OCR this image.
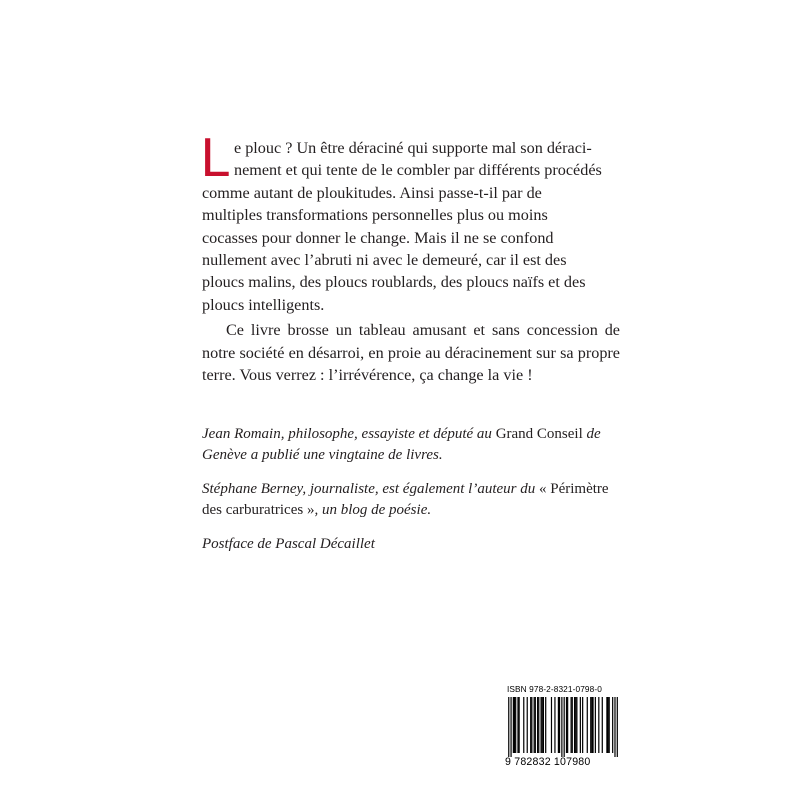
L e plouc ? Un être déraciné qui supporte mal son déraci-
nement et qui tente de le combler par différents procédés
comme autant de ploukitudes. Ainsi passe-t-il par de
multiples transformations personnelles plus ou moins
cocasses pour donner le change. Mais il ne se confond
nullement avec l’abruti ni avec le demeuré, car il est des
ploucs malins, des ploucs roublards, des ploucs naïfs et des
ploucs intelligents.

Ce livre brosse un tableau amusant et sans concession de notre société en désarroi, en proie au déracinement sur sa propre terre. Vous verrez : l’irrévérence, ça change la vie !

Jean Romain, philosophe, essayiste et député au Grand Conseil de Genève a publié une vingtaine de livres.

Stéphane Berney, journaliste, est également l’auteur du « Périmètre des carburatrices », un blog de poésie.

Postface de Pascal Décaillet

ISBN 978-2-8321-0798-0
9 782832 107980
